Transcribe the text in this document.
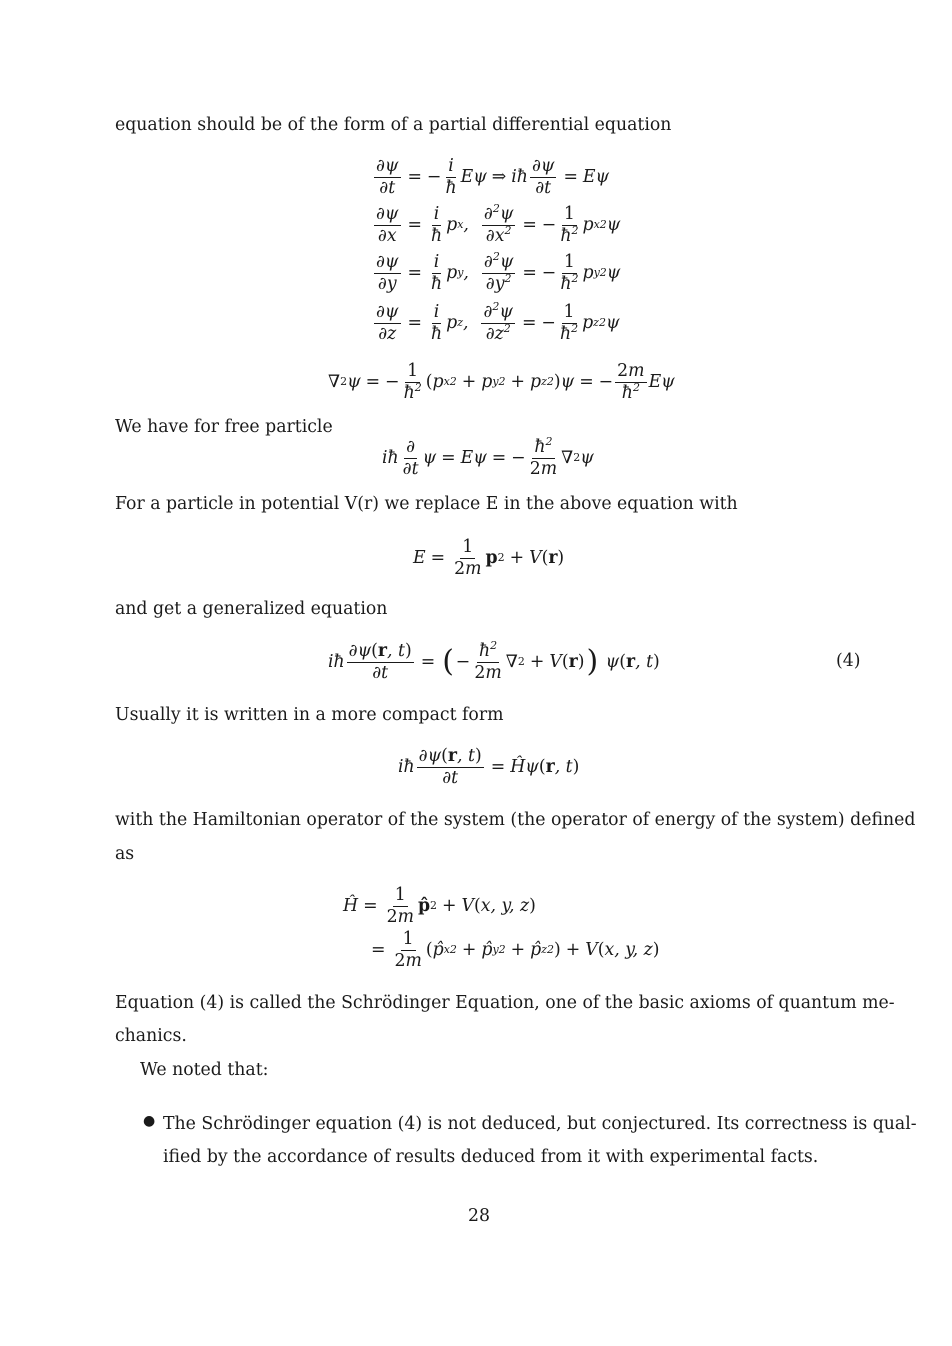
equation should be of the form of a partial differential equation
$\frac{\partial\psi}{\partial t}$ = − $\frac{i}{ħ}$ Eψ ⇒ iħ $\frac{\partial\psi}{\partial t} = E\psi$
$\frac{\partial\psi}{\partial x} = \frac{i}{ħ}$ p x , $\frac{\partial^2\psi}{\partial x^2}$ = − $\frac{1}{ħ^2}$ p x 2 ψ
$\frac{\partial\psi}{\partial y} = \frac{i}{ħ}$ p y , $\frac{\partial^2\psi}{\partial y^2}$ = − $\frac{1}{ħ^2}$ p y 2 ψ
$\frac{\partial\psi}{\partial z} = \frac{i}{ħ}$ p z , $\frac{\partial^2\psi}{\partial z^2}$ = − $\frac{1}{ħ^2}$ p z 2 ψ
∇ 2 ψ = − $\frac{1}{ħ^2}$ ( p x 2 + p y 2 + p z 2 ) ψ = − $\frac{2m}{ħ^2}$ Eψ
We have for free particle
iħ $\frac{\partial}{\partial t}$ ψ = Eψ = − $\frac{ħ^2}{2m}$ ∇ 2 ψ
For a particle in potential V(r) we replace E in the above equation with
$E = \frac{1}{2m}$ p 2 + V ( r )
and get a generalized equation
iħ $\frac{\partial\psi(r, t)}{\partial t}$ = ( − $\frac{ħ^2}{2m}$ ∇ 2 + V ( r ) ) ψ ( r , t )	(4)
Usually it is written in a more compact form
iħ $\frac{\partial\psi(r, t)}{\partial t}$ = Ĥψ ( r , t )
with the Hamiltonian operator of the system (the operator of energy of the system) defined
as
Ĥ = $\frac{1}{2m}$ p̂ 2 + V ( x, y, z )
= $\frac{1}{2m}$ ( p̂ x 2 + p̂ y 2 + p̂ z 2 ) + V ( x, y, z )
Equation (4) is called the Schrödinger Equation, one of the basic axioms of quantum me-
chanics.
We noted that:
● The Schrödinger equation (4) is not deduced, but conjectured. Its correctness is qual-
ified by the accordance of results deduced from it with experimental facts.
28
